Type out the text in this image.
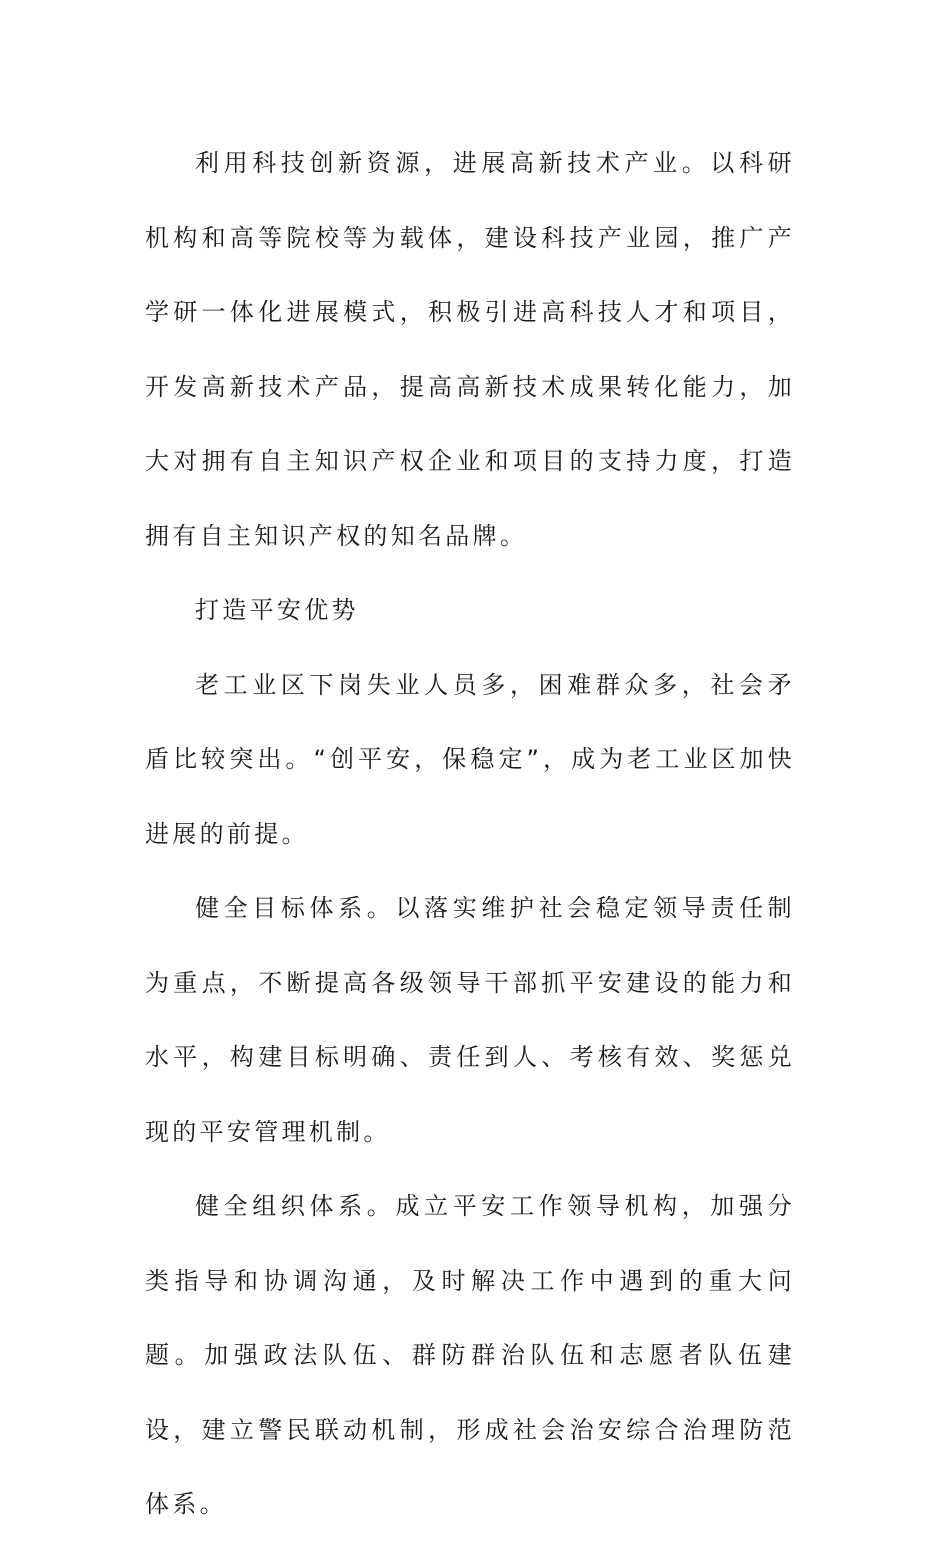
利用科技创新资源，进展高新技术产业。以科研机构和高等院校等为载体，建设科技产业园，推广产学研一体化进展模式，积极引进高科技人才和项目，开发高新技术产品，提高高新技术成果转化能力，加大对拥有自主知识产权企业和项目的支持力度，打造拥有自主知识产权的知名品牌。

打造平安优势

老工业区下岗失业人员多，困难群众多，社会矛盾比较突出。“创平安，保稳定”，成为老工业区加快进展的前提。

健全目标体系。以落实维护社会稳定领导责任制为重点，不断提高各级领导干部抓平安建设的能力和水平，构建目标明确、责任到人、考核有效、奖惩兑现的平安管理机制。

健全组织体系。成立平安工作领导机构，加强分类指导和协调沟通，及时解决工作中遇到的重大问题。加强政法队伍、群防群治队伍和志愿者队伍建设，建立警民联动机制，形成社会治安综合治理防范体系。
